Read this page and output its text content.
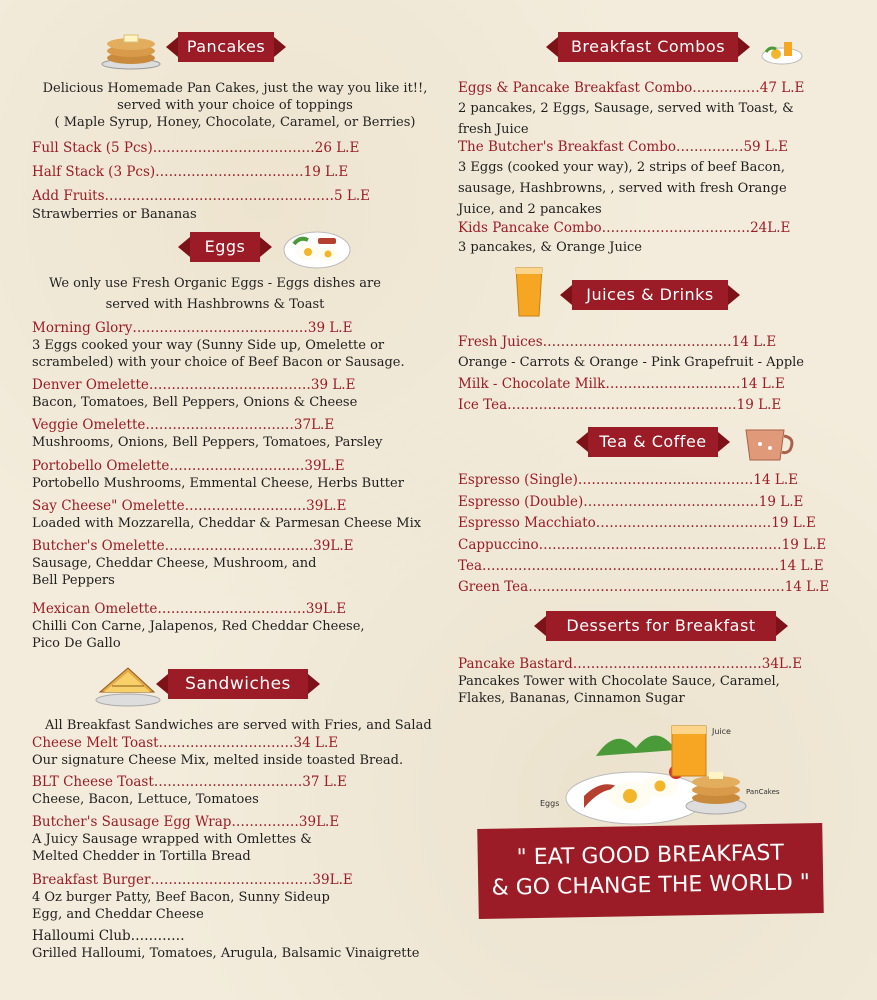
Pancakes
Delicious Homemade Pan Cakes, just the way you like it!!,
served with your choice of toppings
( Maple Syrup, Honey, Chocolate, Caramel, or Berries)
Full Stack (5 Pcs)………………………………26 L.E
Half Stack (3 Pcs)……………………………19 L.E
Add Fruits……………………………………………5 L.E
Strawberries or Bananas
Eggs
We only use Fresh Organic Eggs - Eggs dishes are
served with Hashbrowns & Toast
Morning Glory…………………………………39 L.E
3 Eggs cooked your way (Sunny Side up, Omelette or scrambeled) with your choice of Beef Bacon or Sausage.
Denver Omelette………………………………39 L.E
Bacon, Tomatoes, Bell Peppers, Onions & Cheese
Veggie Omelette……………………………37L.E
Mushrooms, Onions, Bell Peppers, Tomatoes, Parsley
Portobello Omelette…………………………39L.E
Portobello Mushrooms, Emmental Cheese, Herbs Butter
Say Cheese" Omelette………………………39L.E
Loaded with Mozzarella, Cheddar & Parmesan Cheese Mix
Butcher's Omelette……………………………39L.E
Sausage, Cheddar Cheese, Mushroom, and Bell Peppers
Mexican Omelette……………………………39L.E
Chilli Con Carne, Jalapenos, Red Cheddar Cheese, Pico De Gallo
Sandwiches
All Breakfast Sandwiches are served with Fries, and Salad
Cheese Melt Toast…………………………34 L.E
Our signature Cheese Mix, melted inside toasted Bread.
BLT Cheese Toast……………………………37 L.E
Cheese, Bacon, Lettuce, Tomatoes
Butcher's Sausage Egg Wrap……………39L.E
A Juicy Sausage wrapped with Omlettes & Melted Chedder in Tortilla Bread
Breakfast Burger………………………………39L.E
4 Oz burger Patty, Beef Bacon, Sunny Sideup Egg, and Cheddar Cheese
Halloumi Club…………
Grilled Halloumi, Tomatoes, Arugula, Balsamic Vinaigrette
Breakfast Combos
Eggs & Pancake Breakfast Combo……………47 L.E
2 pancakes, 2 Eggs, Sausage, served with Toast, & fresh Juice
The Butcher's Breakfast Combo……………59 L.E
3 Eggs (cooked your way), 2 strips of beef Bacon, sausage, Hashbrowns, , served with fresh Orange Juice, and 2 pancakes
Kids Pancake Combo……………………………24L.E
3 pancakes, & Orange Juice
Juices & Drinks
Fresh Juices……………………………………14 L.E
Orange - Carrots & Orange - Pink Grapefruit - Apple
Milk - Chocolate Milk…………………………14 L.E
Ice Tea……………………………………………19 L.E
Tea & Coffee
Espresso (Single)…………………………………14 L.E
Espresso (Double)…………………………………19 L.E
Espresso Macchiato…………………………………19 L.E
Cappuccino………………………………………………19 L.E
Tea…………………………………………………………14 L.E
Green Tea…………………………………………………14 L.E
Desserts for Breakfast
Pancake Bastard……………………………………34L.E
Pancakes Tower with Chocolate Sauce, Caramel, Flakes, Bananas, Cinnamon Sugar
Juice
Eggs
PanCakes
" EAT GOOD BREAKFAST
& GO CHANGE THE WORLD "
